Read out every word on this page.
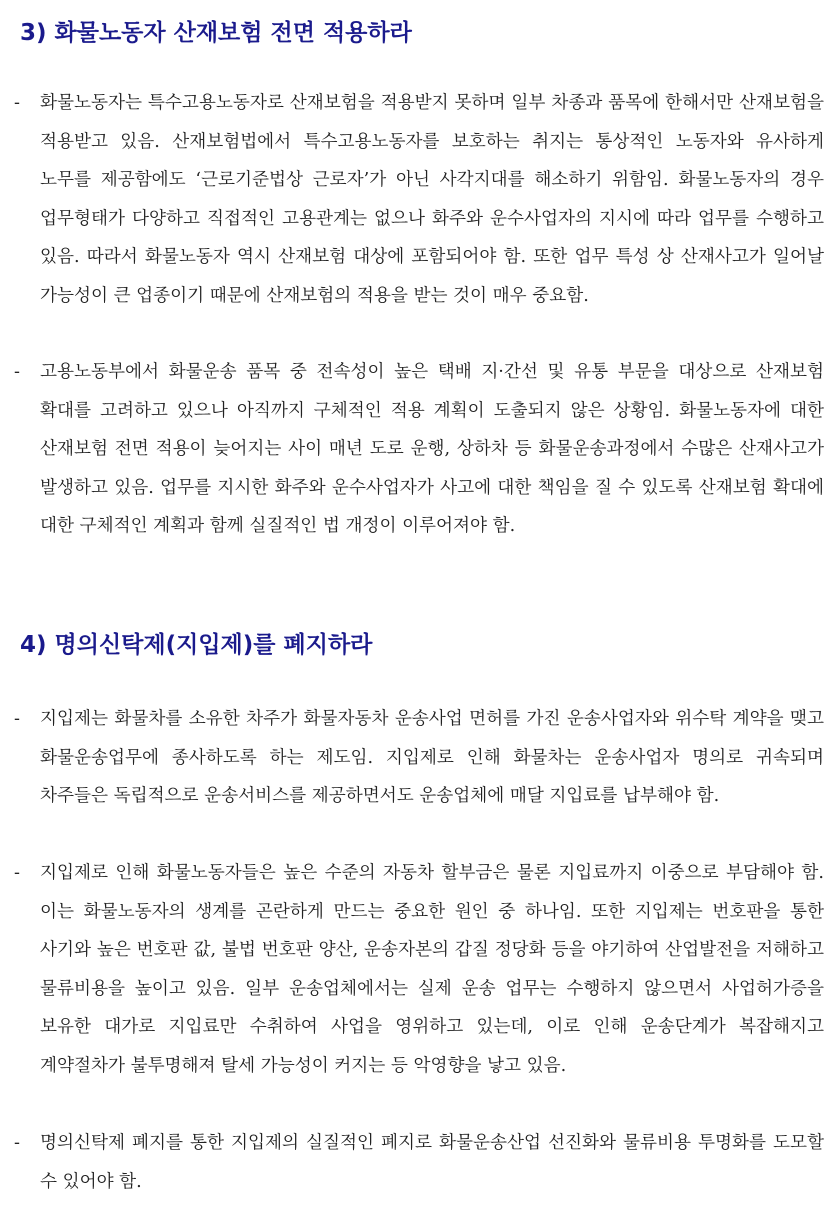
3) 화물노동자 산재보험 전면 적용하라
-	화물노동자는 특수고용노동자로 산재보험을 적용받지 못하며 일부 차종과 품목에 한해서만 산재보험을 적용받고 있음. 산재보험법에서 특수고용노동자를 보호하는 취지는 통상적인 노동자와 유사하게 노무를 제공함에도 ‘근로기준법상 근로자’가 아닌 사각지대를 해소하기 위함임. 화물노동자의 경우 업무형태가 다양하고 직접적인 고용관계는 없으나 화주와 운수사업자의 지시에 따라 업무를 수행하고 있음. 따라서 화물노동자 역시 산재보험 대상에 포함되어야 함. 또한 업무 특성 상 산재사고가 일어날 가능성이 큰 업종이기 때문에 산재보험의 적용을 받는 것이 매우 중요함.
-	고용노동부에서 화물운송 품목 중 전속성이 높은 택배 지·간선 및 유통 부문을 대상으로 산재보험 확대를 고려하고 있으나 아직까지 구체적인 적용 계획이 도출되지 않은 상황임. 화물노동자에 대한 산재보험 전면 적용이 늦어지는 사이 매년 도로 운행, 상하차 등 화물운송과정에서 수많은 산재사고가 발생하고 있음. 업무를 지시한 화주와 운수사업자가 사고에 대한 책임을 질 수 있도록 산재보험 확대에 대한 구체적인 계획과 함께 실질적인 법 개정이 이루어져야 함.
4) 명의신탁제(지입제)를 폐지하라
-	지입제는 화물차를 소유한 차주가 화물자동차 운송사업 면허를 가진 운송사업자와 위수탁 계약을 맺고 화물운송업무에 종사하도록 하는 제도임. 지입제로 인해 화물차는 운송사업자 명의로 귀속되며 차주들은 독립적으로 운송서비스를 제공하면서도 운송업체에 매달 지입료를 납부해야 함.
-	지입제로 인해 화물노동자들은 높은 수준의 자동차 할부금은 물론 지입료까지 이중으로 부담해야 함. 이는 화물노동자의 생계를 곤란하게 만드는 중요한 원인 중 하나임. 또한 지입제는 번호판을 통한 사기와 높은 번호판 값, 불법 번호판 양산, 운송자본의 갑질 정당화 등을 야기하여 산업발전을 저해하고 물류비용을 높이고 있음. 일부 운송업체에서는 실제 운송 업무는 수행하지 않으면서 사업허가증을 보유한 대가로 지입료만 수취하여 사업을 영위하고 있는데, 이로 인해 운송단계가 복잡해지고 계약절차가 불투명해져 탈세 가능성이 커지는 등 악영향을 낳고 있음.
-	명의신탁제 폐지를 통한 지입제의 실질적인 폐지로 화물운송산업 선진화와 물류비용 투명화를 도모할 수 있어야 함.
